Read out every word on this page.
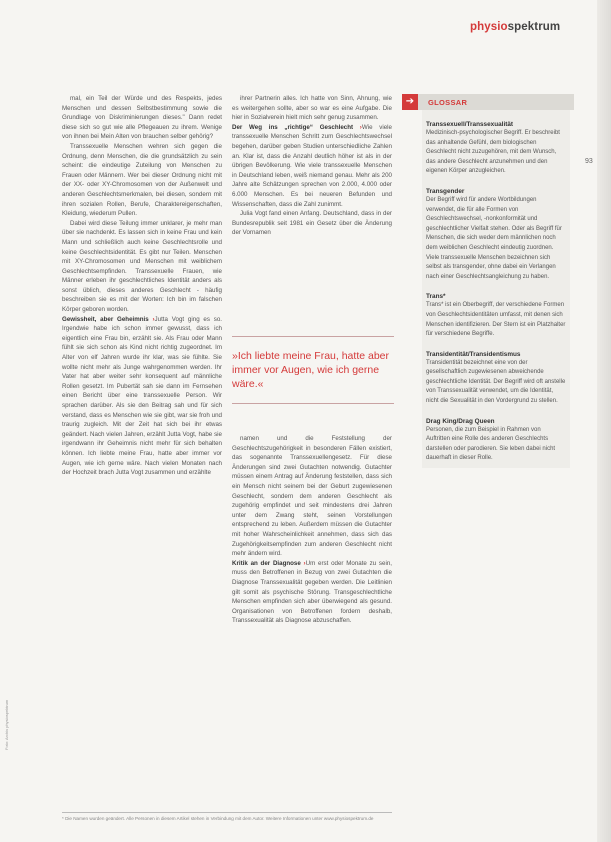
physiospektrum
93
Foto: Archiv physiospektrum

mal, ein Teil der Würde und des Respekts, jedes Menschen und dessen Selbstbestimmung sowie die Grundlage von Diskriminierungen dieses." Dann redet diese sich so gut wie alle Pflegeauen zu ihrem. Wenige von ihnen bei Mein Alten von brauchen selber gehörig?

Transsexuelle Menschen wehren sich gegen die Ordnung, denn Menschen, die die grundsätzlich zu sein scheint: die eindeutige Zuteilung von Menschen zu Frauen oder Männern. Wer bei dieser Ordnung nicht mit der XX- oder XY-Chromosomen von der Außenwelt und anderen Geschlechtsmerkmalen, bei diesen, sondern mit ihren sozialen Rollen, Berufe, Charaktereigenschaften, Kleidung, wiederum Pullen.

Dabei wird diese Teilung immer unklarer, je mehr man über sie nachdenkt. Es lassen sich in keine Frau und kein Mann und schließlich auch keine Geschlechtsrolle und keine Geschlechtsidentität. Es gibt nur Teilen. Menschen mit XY-Chromosomen und Menschen mit weiblichem Geschlechtsempfinden. Transsexuelle Frauen, wie Männer erleben ihr geschlechtliches Identität anders als sonst üblich, dieses anderes Geschlecht - häufig beschreiben sie es mit der Worten: Ich bin im falschen Körper geboren worden.

Gewissheit, aber Geheimnis › Jutta Vogt ging es so. Irgendwie habe ich schon immer gewusst, dass ich eigentlich eine Frau bin, erzählt sie. Als Frau oder Mann fühlt sie sich schon als Kind nicht richtig zugeordnet. Im Alter von elf Jahren wurde ihr klar, was sie fühlte. Sie wollte nicht mehr als Junge wahrgenommen werden. Ihr Vater hat aber weiter sehr konsequent auf männliche Rollen gesetzt. Im Pubertät sah sie dann im Fernsehen einen Bericht über eine transsexuelle Person. Wir sprachen darüber. Als sie den Beitrag sah und für sich verstand, dass es Menschen wie sie gibt, war sie froh und traurig zugleich. Mit der Zeit hat sich bei ihr etwas geändert. Nach vielen Jahren, erzählt Jutta Vogt, habe sie irgendwann ihr Geheimnis nicht mehr für sich behalten können. Ich liebte meine Frau, hatte aber immer vor Augen, wie ich gerne wäre. Nach vielen Monaten nach der Hochzeit brach Jutta Vogt zusammen und erzählte

ihrer Partnerin alles. Ich hatte von Sinn, Ahnung, wie es weitergehen sollte, aber so war es eine Aufgabe. Die hier in Sozialverein hielt mich sehr genug zusammen.

Der Weg ins „richtige“ Geschlecht › Wie viele transsexuelle Menschen Schritt zum Geschlechtswechsel begehen, darüber geben Studien unterschiedliche Zahlen an. Klar ist, dass die Anzahl deutlich höher ist als in der übrigen Bevölkerung. Wie viele transsexuelle Menschen in Deutschland leben, weiß niemand genau. Mehr als 200 Jahre alte Schätzungen sprechen von 2.000, 4.000 oder 6.000 Menschen. Es bei neueren Befunden und Wissenschaften, dass die Zahl zunimmt.

Julia Vogt fand einen Anfang. Deutschland, dass in der Bundesrepublik seit 1981 ein Gesetz über die Änderung der Vornamen

»Ich liebte meine Frau, hatte aber immer vor Augen, wie ich gerne wäre.«

namen und die Feststellung der Geschlechtszugehörigkeit in besonderen Fällen existiert, das sogenannte Transsexuellengesetz. Für diese Änderungen sind zwei Gutachten notwendig. Gutachter müssen einem Antrag auf Änderung feststellen, dass sich ein Mensch nicht seinem bei der Geburt zugewiesenen Geschlecht, sondern dem anderen Geschlecht als zugehörig empfindet und seit mindestens drei Jahren unter dem Zwang steht, seinen Vorstellungen entsprechend zu leben. Außerdem müssen die Gutachter mit hoher Wahrscheinlichkeit annehmen, dass sich das Zugehörigkeitsempfinden zum anderen Geschlecht nicht mehr ändern wird.

Kritik an der Diagnose › Um erst oder Monate zu sein, muss den Betroffenen in Bezug von zwei Gutachten die Diagnose Transsexualität gegeben werden. Die Leitlinien gilt somit als psychische Störung. Transgeschlechtliche Menschen empfinden sich aber überwiegend als gesund. Organisationen von Betroffenen fordern deshalb, Transsexualität als Diagnose abzuschaffen.

➔	GLOSSAR
Transsexuell/Transsexualität
Medizinisch-psychologischer Begriff. Er beschreibt das anhaltende Gefühl, dem biologischen Geschlecht nicht zuzugehören, mit dem Wunsch, das andere Geschlecht anzunehmen und den eigenen Körper anzugleichen.
Transgender
Der Begriff wird für andere Wortbildungen verwendet, die für alle Formen von Geschlechtswechsel, -nonkonformität und geschlechtlicher Vielfalt stehen. Oder als Begriff für Menschen, die sich weder dem männlichen noch dem weiblichen Geschlecht eindeutig zuordnen. Viele transsexuelle Menschen bezeichnen sich selbst als transgender, ohne dabei ein Verlangen nach einer Geschlechtsangleichung zu haben.
Trans*
Trans* ist ein Oberbegriff, der verschiedene Formen von Geschlechtsidentitäten umfasst, mit denen sich Menschen identifizieren. Der Stern ist ein Platzhalter für verschiedene Begriffe.
Transidentität/Transidentismus
Transidentität bezeichnet eine von der gesellschaftlich zugewiesenen abweichende geschlechtliche Identität. Der Begriff wird oft anstelle von Transsexualität verwendet, um die Identität, nicht die Sexualität in den Vordergrund zu stellen.
Drag King/Drag Queen
Personen, die zum Beispiel in Rahmen von Auftritten eine Rolle des anderen Geschlechts darstellen oder parodieren. Sie leben dabei nicht dauerhaft in dieser Rolle.
* Die Namen wurden geändert. Alle Personen in diesem Artikel stehen in Verbindung mit dem Autor. Weitere Informationen unter www.physiospektrum.de
